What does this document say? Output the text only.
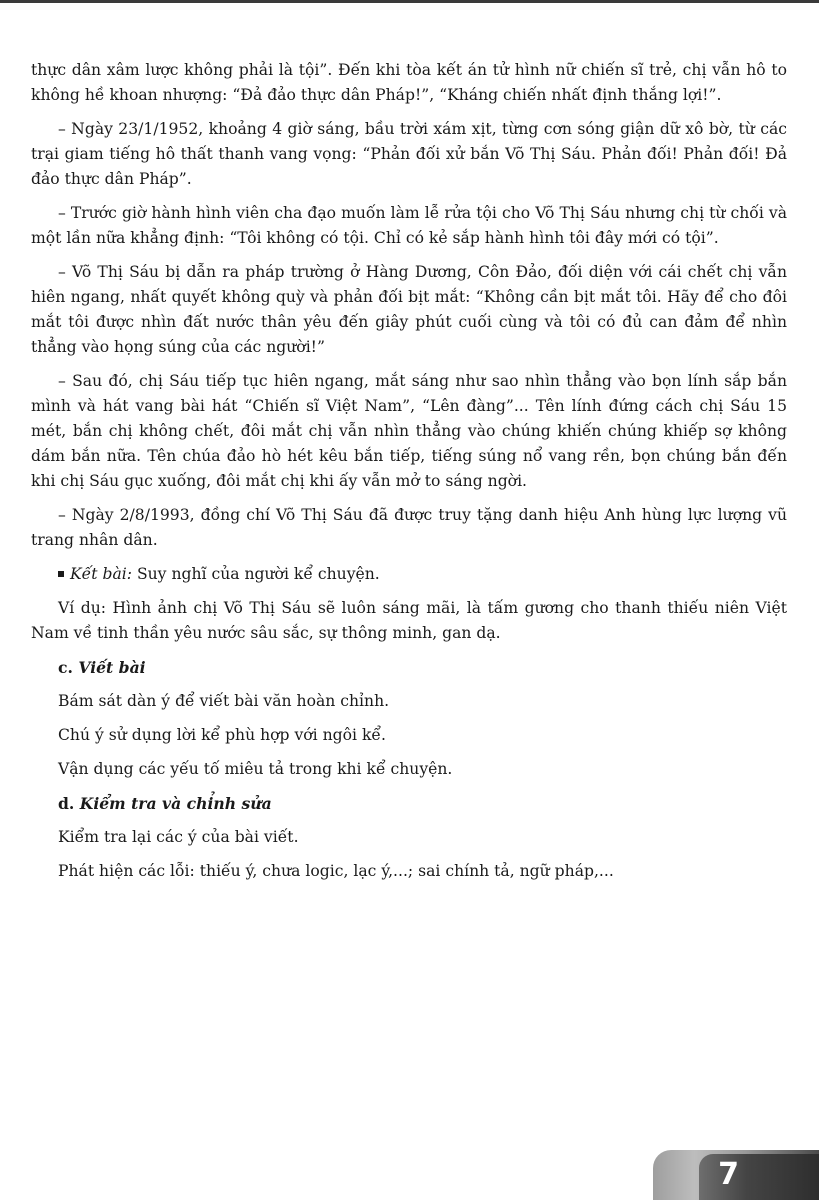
thực dân xâm lược không phải là tội”. Đến khi tòa kết án tử hình nữ chiến sĩ trẻ, chị vẫn hô to không hề khoan nhượng: “Đả đảo thực dân Pháp!”, “Kháng chiến nhất định thắng lợi!”.

– Ngày 23/1/1952, khoảng 4 giờ sáng, bầu trời xám xịt, từng cơn sóng giận dữ xô bờ, từ các trại giam tiếng hô thất thanh vang vọng: “Phản đối xử bắn Võ Thị Sáu. Phản đối! Phản đối! Đả đảo thực dân Pháp”.

– Trước giờ hành hình viên cha đạo muốn làm lễ rửa tội cho Võ Thị Sáu nhưng chị từ chối và một lần nữa khẳng định: “Tôi không có tội. Chỉ có kẻ sắp hành hình tôi đây mới có tội”.

– Võ Thị Sáu bị dẫn ra pháp trường ở Hàng Dương, Côn Đảo, đối diện với cái chết chị vẫn hiên ngang, nhất quyết không quỳ và phản đối bịt mắt: “Không cần bịt mắt tôi. Hãy để cho đôi mắt tôi được nhìn đất nước thân yêu đến giây phút cuối cùng và tôi có đủ can đảm để nhìn thẳng vào họng súng của các người!”

– Sau đó, chị Sáu tiếp tục hiên ngang, mắt sáng như sao nhìn thẳng vào bọn lính sắp bắn mình và hát vang bài hát “Chiến sĩ Việt Nam”, “Lên đàng”... Tên lính đứng cách chị Sáu 15 mét, bắn chị không chết, đôi mắt chị vẫn nhìn thẳng vào chúng khiến chúng khiếp sợ không dám bắn nữa. Tên chúa đảo hò hét kêu bắn tiếp, tiếng súng nổ vang rền, bọn chúng bắn đến khi chị Sáu gục xuống, đôi mắt chị khi ấy vẫn mở to sáng ngời.

– Ngày 2/8/1993, đồng chí Võ Thị Sáu đã được truy tặng danh hiệu Anh hùng lực lượng vũ trang nhân dân.

Kết bài: Suy nghĩ của người kể chuyện.

Ví dụ: Hình ảnh chị Võ Thị Sáu sẽ luôn sáng mãi, là tấm gương cho thanh thiếu niên Việt Nam về tinh thần yêu nước sâu sắc, sự thông minh, gan dạ.

c. Viết bài

Bám sát dàn ý để viết bài văn hoàn chỉnh.

Chú ý sử dụng lời kể phù hợp với ngôi kể.

Vận dụng các yếu tố miêu tả trong khi kể chuyện.

d. Kiểm tra và chỉnh sửa

Kiểm tra lại các ý của bài viết.

Phát hiện các lỗi: thiếu ý, chưa logic, lạc ý,...; sai chính tả, ngữ pháp,...

7
